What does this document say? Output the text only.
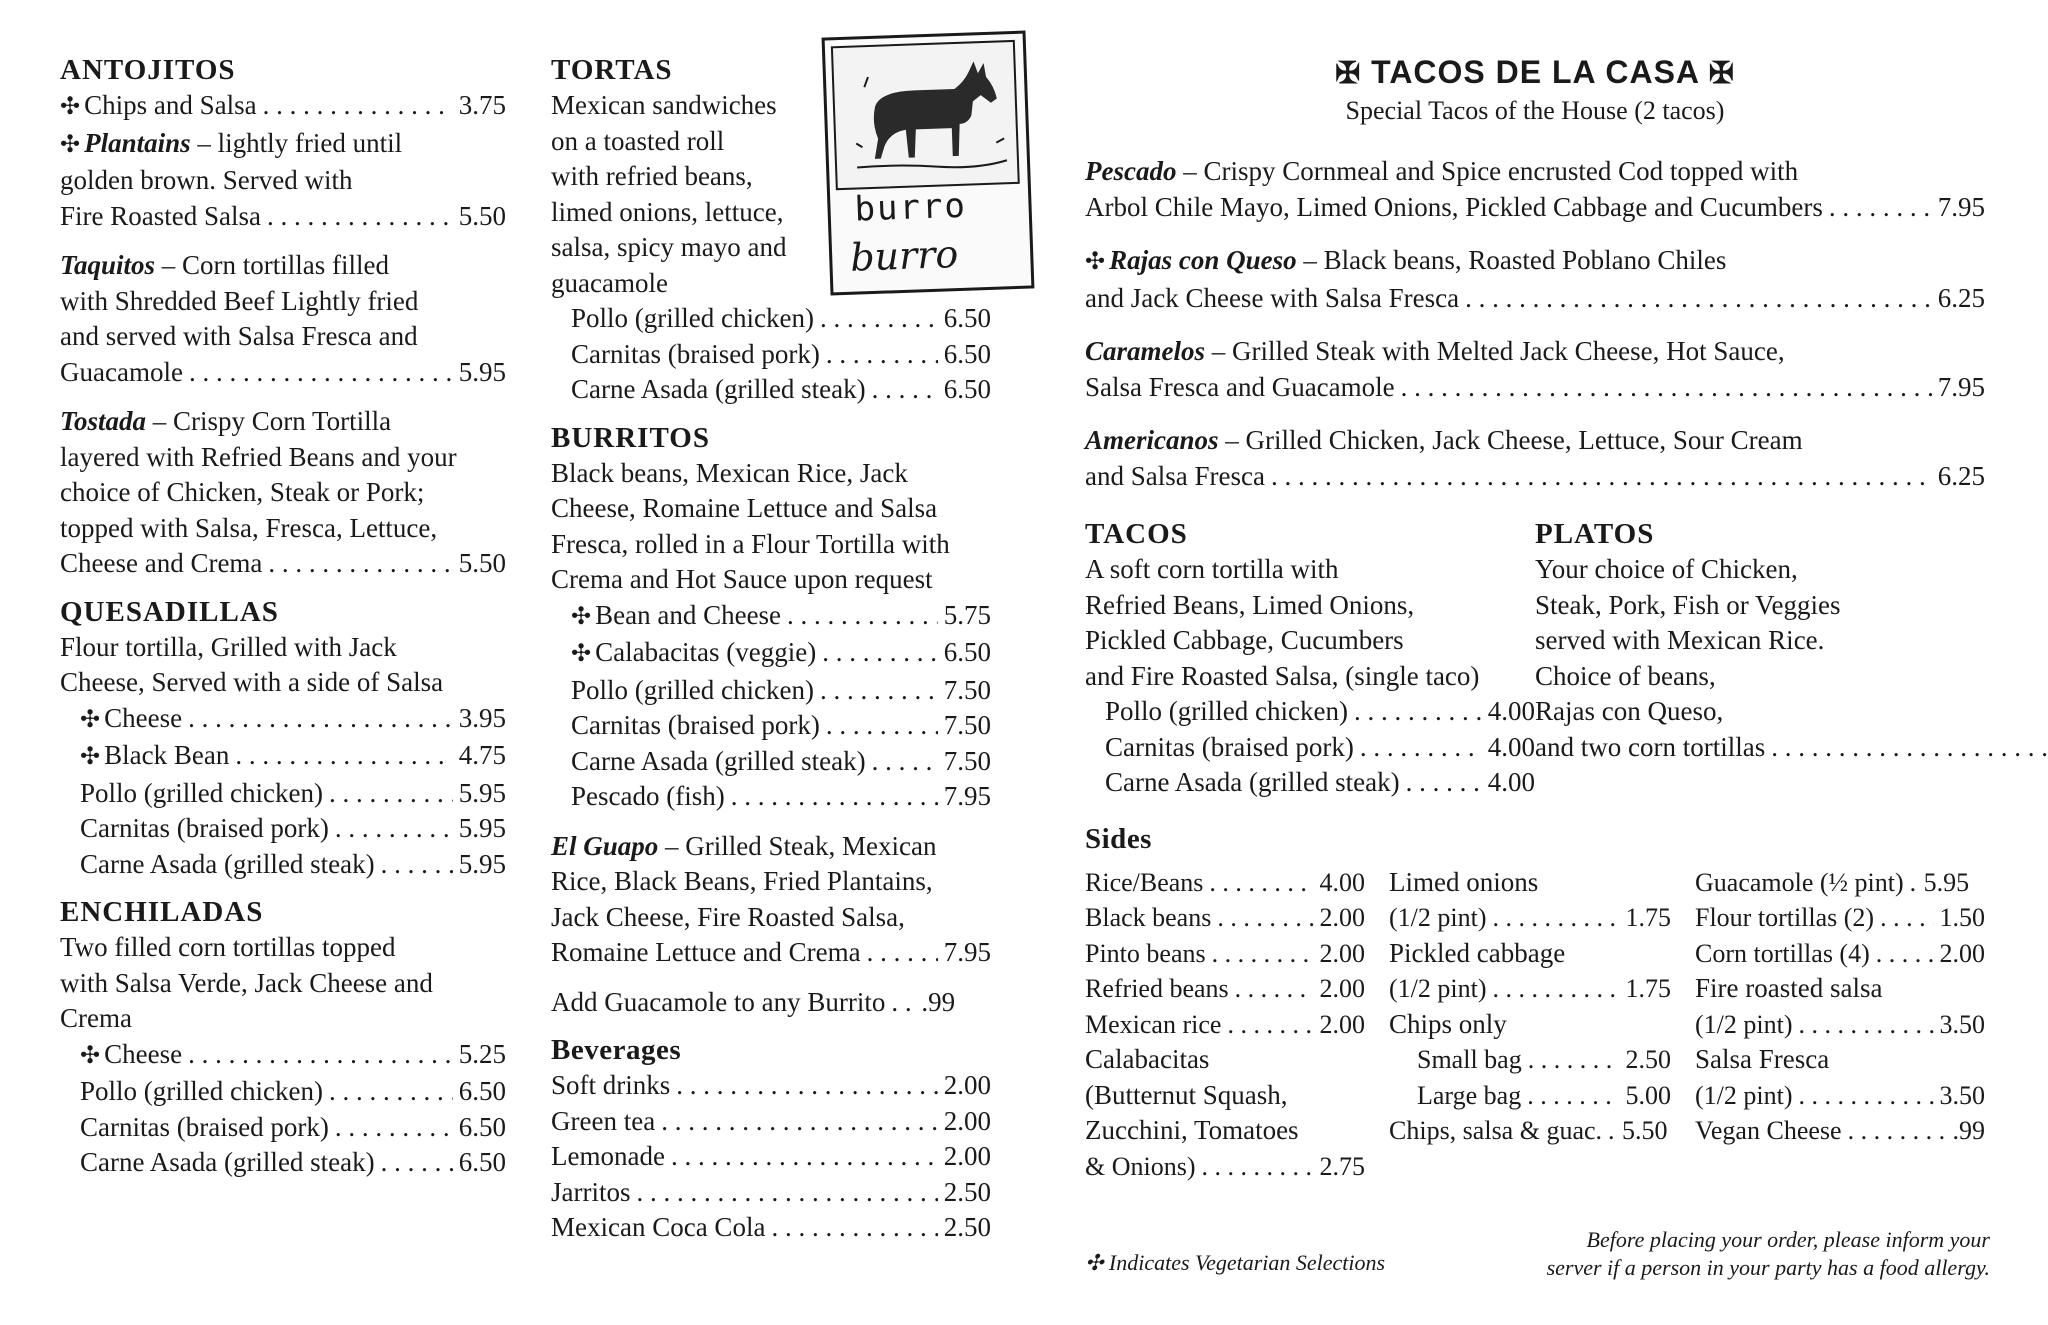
ANTOJITOS
✣ Chips and Salsa . . .	3.75
✣ Plantains – lightly fried until
golden brown. Served with
Fire Roasted Salsa . . .	5.50
Taquitos – Corn tortillas filled
with Shredded Beef Lightly fried
and served with Salsa Fresca and
Guacamole . . .	5.95
Tostada – Crispy Corn Tortilla
layered with Refried Beans and your
choice of Chicken, Steak or Pork;
topped with Salsa, Fresca, Lettuce,
Cheese and Crema . . .	5.50
QUESADILLAS
Flour tortilla, Grilled with Jack
Cheese, Served with a side of Salsa
✣ Cheese . . .	3.95
✣ Black Bean . . .	4.75
Pollo (grilled chicken) . . .	5.95
Carnitas (braised pork) . . .	5.95
Carne Asada (grilled steak) . . .	5.95
ENCHILADAS
Two filled corn tortillas topped
with Salsa Verde, Jack Cheese and
Crema
✣ Cheese . . .	5.25
Pollo (grilled chicken) . . .	6.50
Carnitas (braised pork) . . .	6.50
Carne Asada (grilled steak) . . .	6.50
burro
burro
TORTAS
Mexican sandwiches
on a toasted roll
with refried beans,
limed onions, lettuce,
salsa, spicy mayo and
guacamole
Pollo (grilled chicken) . . .	6.50
Carnitas (braised pork) . . .	6.50
Carne Asada (grilled steak) . . .	6.50
BURRITOS
Black beans, Mexican Rice, Jack
Cheese, Romaine Lettuce and Salsa
Fresca, rolled in a Flour Tortilla with
Crema and Hot Sauce upon request
✣ Bean and Cheese . . .	5.75
✣ Calabacitas (veggie) . . .	6.50
Pollo (grilled chicken) . . .	7.50
Carnitas (braised pork) . . .	7.50
Carne Asada (grilled steak) . . .	7.50
Pescado (fish) . . .	7.95
El Guapo – Grilled Steak, Mexican
Rice, Black Beans, Fried Plantains,
Jack Cheese, Fire Roasted Salsa,
Romaine Lettuce and Crema . . .	7.95
Add Guacamole to any Burrito . . . .99
Beverages
Soft drinks . . .	2.00
Green tea . . .	2.00
Lemonade . . .	2.00
Jarritos . . .	2.50
Mexican Coca Cola . . .	2.50
✠ TACOS DE LA CASA ✠
Special Tacos of the House (2 tacos)
Pescado – Crispy Cornmeal and Spice encrusted Cod topped with
Arbol Chile Mayo, Limed Onions, Pickled Cabbage and Cucumbers . . .	7.95
✣ Rajas con Queso – Black beans, Roasted Poblano Chiles
and Jack Cheese with Salsa Fresca . . .	6.25
Caramelos – Grilled Steak with Melted Jack Cheese, Hot Sauce,
Salsa Fresca and Guacamole . . .	7.95
Americanos – Grilled Chicken, Jack Cheese, Lettuce, Sour Cream
and Salsa Fresca . . .	6.25
TACOS
A soft corn tortilla with
Refried Beans, Limed Onions,
Pickled Cabbage, Cucumbers
and Fire Roasted Salsa, (single taco)
Pollo (grilled chicken) . . .	4.00
Carnitas (braised pork) . . .	4.00
Carne Asada (grilled steak) . . .	4.00
PLATOS
Your choice of Chicken,
Steak, Pork, Fish or Veggies
served with Mexican Rice.
Choice of beans,
Rajas con Queso,
and two corn tortillas
. . .
Sides
Rice/Beans . . .	4.00
Black beans . . .	2.00
Pinto beans . . .	2.00
Refried beans . . .	2.00
Mexican rice . . .	2.00
Calabacitas
(Butternut Squash,
Zucchini, Tomatoes
& Onions) . . .	2.75
Limed onions
(1/2 pint) . . .	1.75
Pickled cabbage
(1/2 pint) . . .	1.75
Chips only
Small bag . . .	2.50
Large bag . . .	5.00
Chips, salsa & guac. . . . 5.50
Guacamole (½ pint) . . . 5.95
Flour tortillas (2) . . .	1.50
Corn tortillas (4) . . .	2.00
Fire roasted salsa
(1/2 pint) . . .	3.50
Salsa Fresca
(1/2 pint) . . .	3.50
Vegan Cheese . . .	.99
✣ Indicates Vegetarian Selections
Before placing your order, please inform your
server if a person in your party has a food allergy.
